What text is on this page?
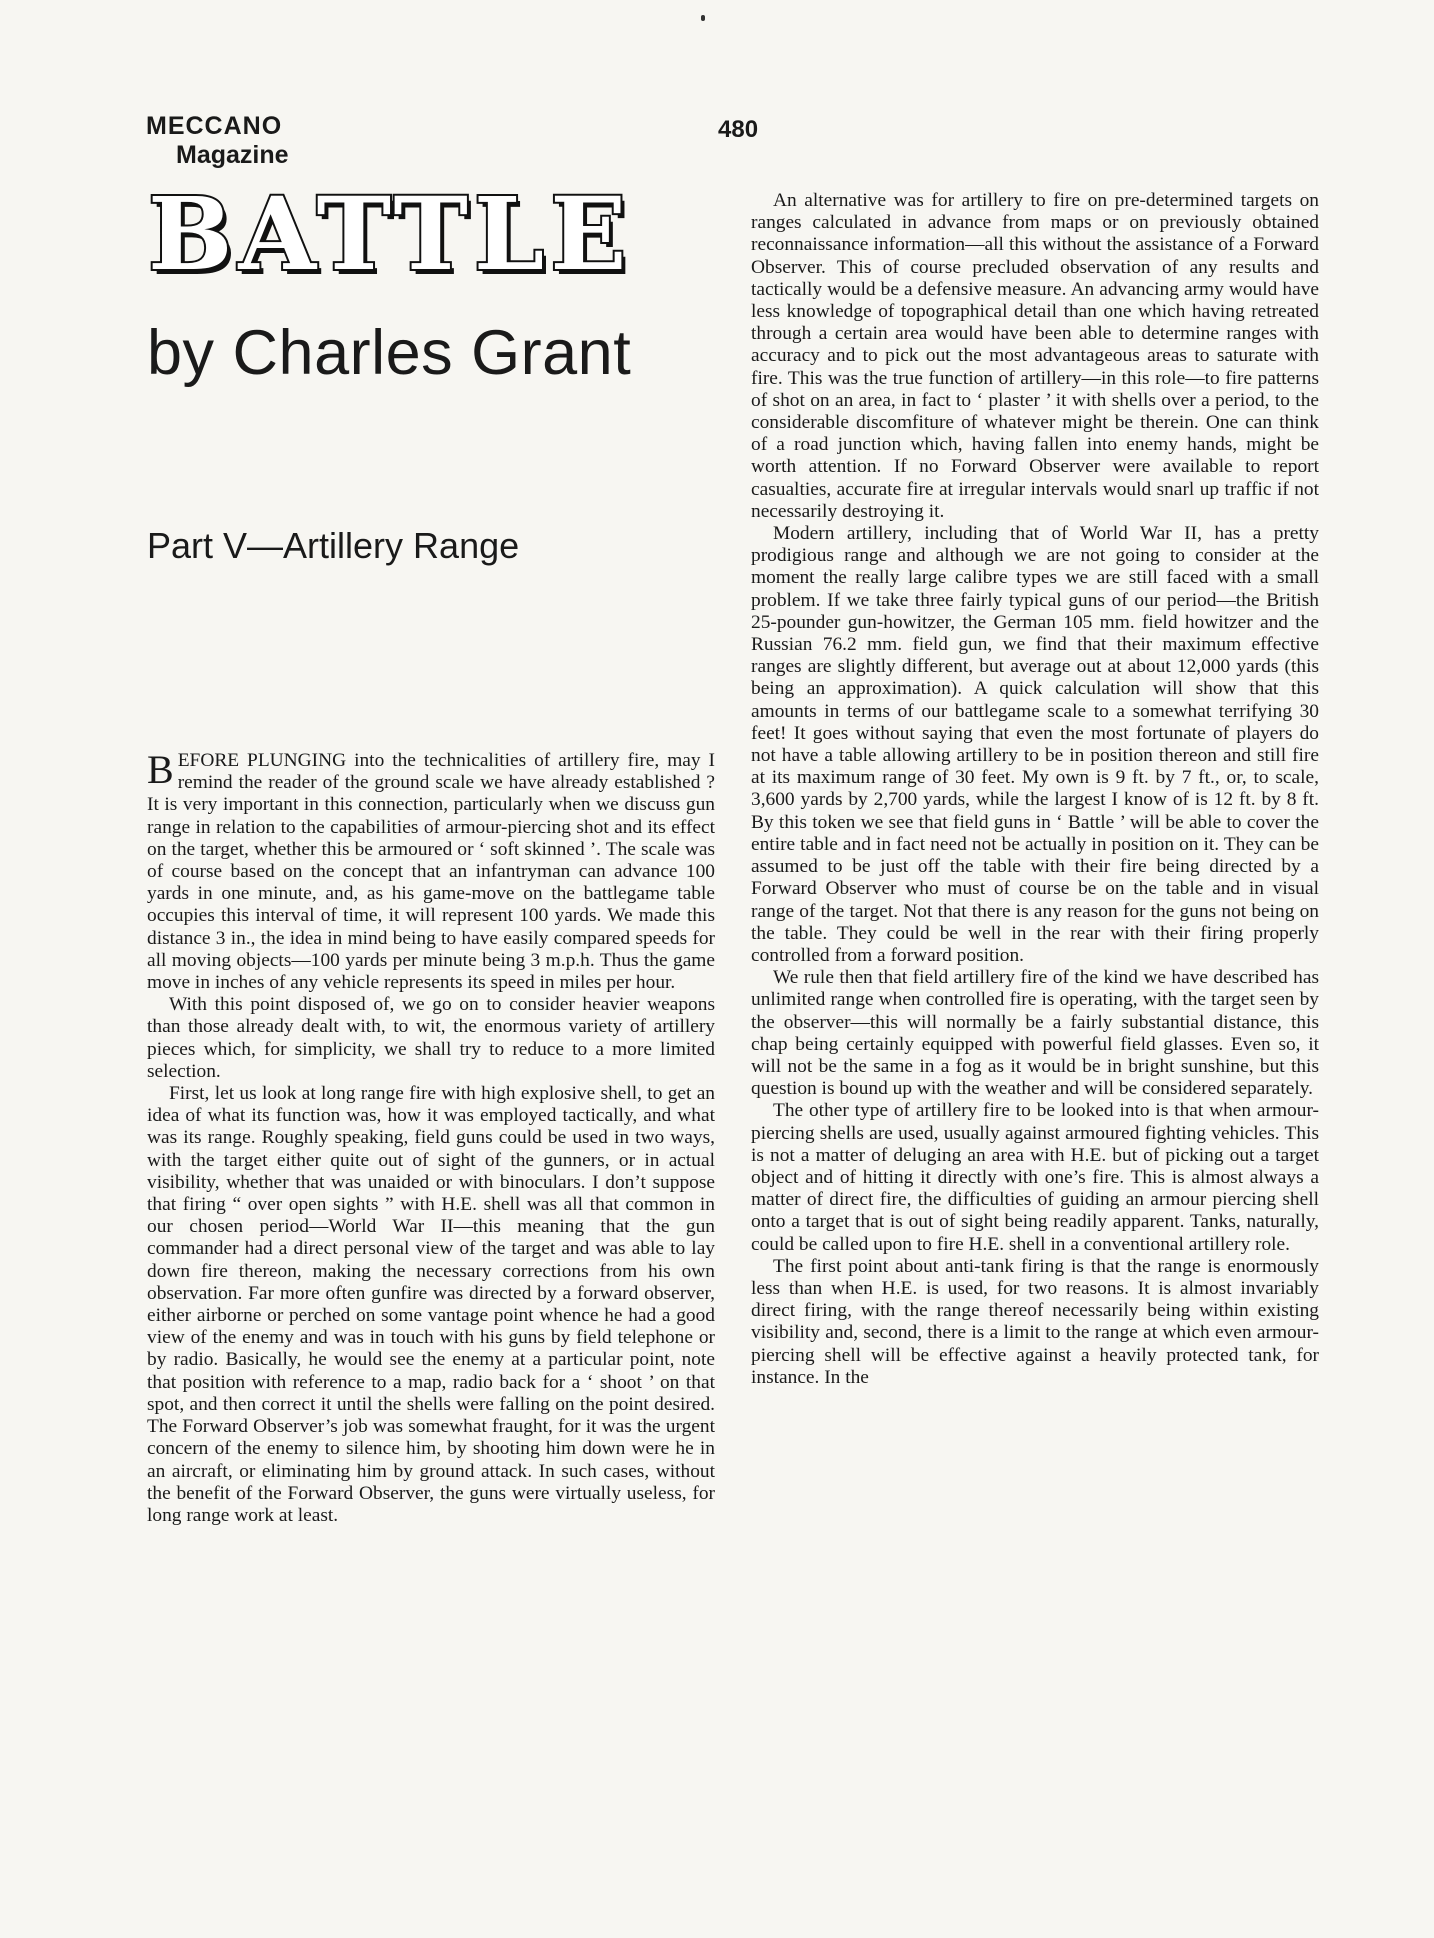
MECCANO
Magazine
480
BATTLE
by Charles Grant
Part V—Artillery Range

BEFORE PLUNGING into the technicalities of artillery fire, may I remind the reader of the ground scale we have already established ? It is very important in this connection, particularly when we discuss gun range in relation to the capabilities of armour-piercing shot and its effect on the target, whether this be armoured or ‘ soft skinned ’. The scale was of course based on the concept that an infantryman can advance 100 yards in one minute, and, as his game-move on the battlegame table occupies this interval of time, it will represent 100 yards. We made this distance 3 in., the idea in mind being to have easily compared speeds for all moving objects—100 yards per minute being 3 m.p.h. Thus the game move in inches of any vehicle represents its speed in miles per hour.

With this point disposed of, we go on to consider heavier weapons than those already dealt with, to wit, the enormous variety of artillery pieces which, for simplicity, we shall try to reduce to a more limited selection.

First, let us look at long range fire with high explosive shell, to get an idea of what its function was, how it was employed tactically, and what was its range. Roughly speaking, field guns could be used in two ways, with the target either quite out of sight of the gunners, or in actual visibility, whether that was unaided or with binoculars. I don’t suppose that firing “ over open sights ” with H.E. shell was all that common in our chosen period—World War II—this meaning that the gun commander had a direct personal view of the target and was able to lay down fire thereon, making the necessary corrections from his own observation. Far more often gunfire was directed by a forward observer, either airborne or perched on some vantage point whence he had a good view of the enemy and was in touch with his guns by field telephone or by radio. Basically, he would see the enemy at a particular point, note that position with reference to a map, radio back for a ‘ shoot ’ on that spot, and then correct it until the shells were falling on the point desired. The Forward Observer’s job was somewhat fraught, for it was the urgent concern of the enemy to silence him, by shooting him down were he in an aircraft, or eliminating him by ground attack. In such cases, without the benefit of the Forward Observer, the guns were virtually useless, for long range work at least.

An alternative was for artillery to fire on pre-determined targets on ranges calculated in advance from maps or on previously obtained reconnaissance information—all this without the assistance of a Forward Observer. This of course precluded observation of any results and tactically would be a defensive measure. An advancing army would have less knowledge of topographical detail than one which having retreated through a certain area would have been able to determine ranges with accuracy and to pick out the most advantageous areas to saturate with fire. This was the true function of artillery—in this role—to fire patterns of shot on an area, in fact to ‘ plaster ’ it with shells over a period, to the considerable discomfiture of whatever might be therein. One can think of a road junction which, having fallen into enemy hands, might be worth attention. If no Forward Observer were available to report casualties, accurate fire at irregular intervals would snarl up traffic if not necessarily destroying it.

Modern artillery, including that of World War II, has a pretty prodigious range and although we are not going to consider at the moment the really large calibre types we are still faced with a small problem. If we take three fairly typical guns of our period—the British 25-pounder gun-howitzer, the German 105 mm. field howitzer and the Russian 76.2 mm. field gun, we find that their maximum effective ranges are slightly different, but average out at about 12,000 yards (this being an approximation). A quick calculation will show that this amounts in terms of our battlegame scale to a somewhat terrifying 30 feet! It goes without saying that even the most fortunate of players do not have a table allowing artillery to be in position thereon and still fire at its maximum range of 30 feet. My own is 9 ft. by 7 ft., or, to scale, 3,600 yards by 2,700 yards, while the largest I know of is 12 ft. by 8 ft. By this token we see that field guns in ‘ Battle ’ will be able to cover the entire table and in fact need not be actually in position on it. They can be assumed to be just off the table with their fire being directed by a Forward Observer who must of course be on the table and in visual range of the target. Not that there is any reason for the guns not being on the table. They could be well in the rear with their firing properly controlled from a forward position.

We rule then that field artillery fire of the kind we have described has unlimited range when controlled fire is operating, with the target seen by the observer—this will normally be a fairly substantial distance, this chap being certainly equipped with powerful field glasses. Even so, it will not be the same in a fog as it would be in bright sunshine, but this question is bound up with the weather and will be considered separately.

The other type of artillery fire to be looked into is that when armour-piercing shells are used, usually against armoured fighting vehicles. This is not a matter of deluging an area with H.E. but of picking out a target object and of hitting it directly with one’s fire. This is almost always a matter of direct fire, the difficulties of guiding an armour piercing shell onto a target that is out of sight being readily apparent. Tanks, naturally, could be called upon to fire H.E. shell in a conventional artillery role.

The first point about anti-tank firing is that the range is enormously less than when H.E. is used, for two reasons. It is almost invariably direct firing, with the range thereof necessarily being within existing visibility and, second, there is a limit to the range at which even armour-piercing shell will be effective against a heavily protected tank, for instance. In the
